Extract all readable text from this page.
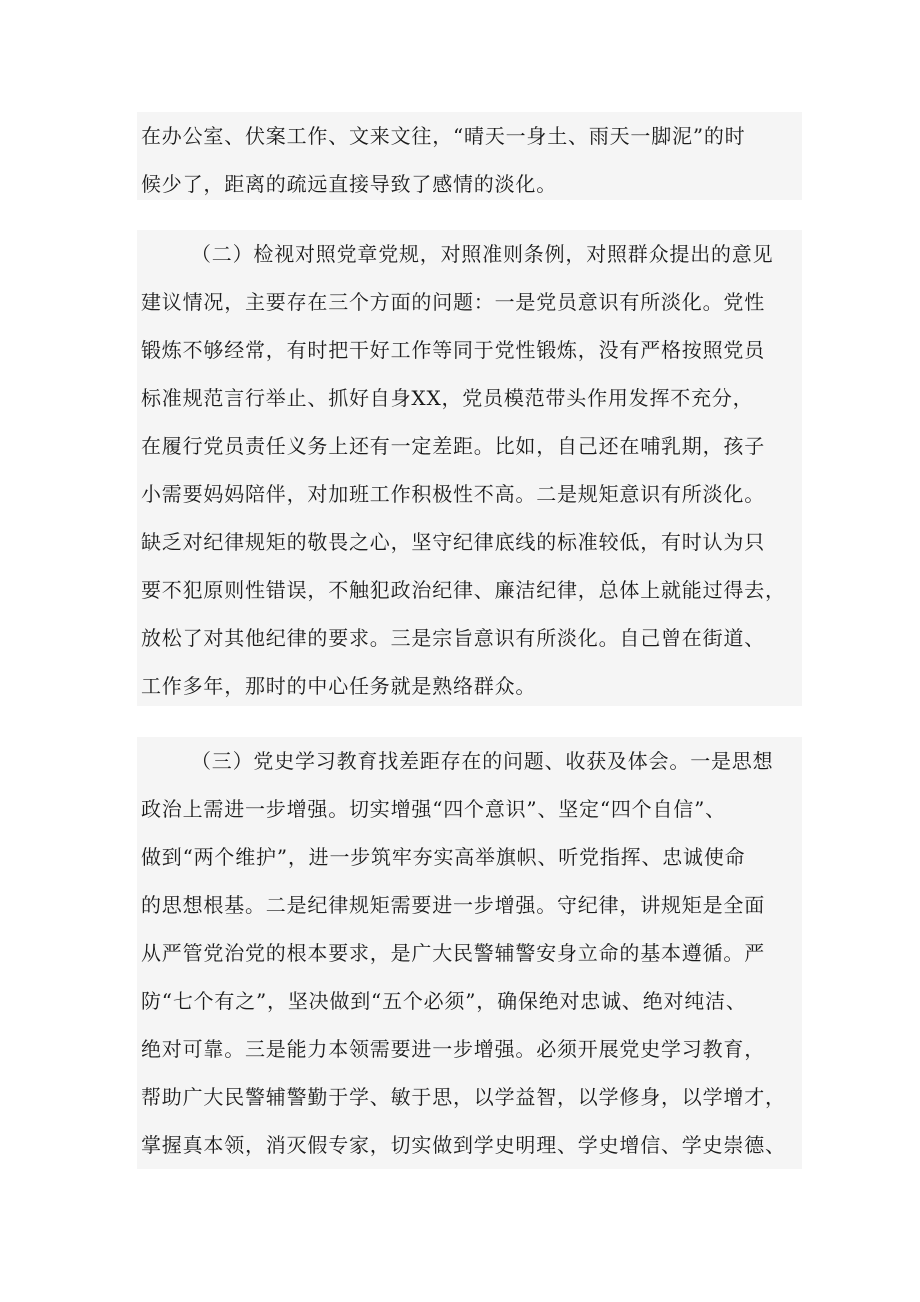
在办公室、伏案工作、文来文往，“晴天一身土、雨天一脚泥”的时
候少了，距离的疏远直接导致了感情的淡化。
（二）检视对照党章党规，对照准则条例，对照群众提出的意见
建议情况，主要存在三个方面的问题：一是党员意识有所淡化。党性
锻炼不够经常，有时把干好工作等同于党性锻炼，没有严格按照党员
标准规范言行举止、抓好自身XX，党员模范带头作用发挥不充分，
在履行党员责任义务上还有一定差距。比如，自己还在哺乳期，孩子
小需要妈妈陪伴，对加班工作积极性不高。二是规矩意识有所淡化。
缺乏对纪律规矩的敬畏之心，坚守纪律底线的标准较低，有时认为只
要不犯原则性错误，不触犯政治纪律、廉洁纪律，总体上就能过得去，
放松了对其他纪律的要求。三是宗旨意识有所淡化。自己曾在街道、
工作多年，那时的中心任务就是熟络群众。
（三）党史学习教育找差距存在的问题、收获及体会。一是思想
政治上需进一步增强。切实增强“四个意识”、坚定“四个自信”、
做到“两个维护”，进一步筑牢夯实高举旗帜、听党指挥、忠诚使命
的思想根基。二是纪律规矩需要进一步增强。守纪律，讲规矩是全面
从严管党治党的根本要求，是广大民警辅警安身立命的基本遵循。严
防“七个有之”，坚决做到“五个必须”，确保绝对忠诚、绝对纯洁、
绝对可靠。三是能力本领需要进一步增强。必须开展党史学习教育，
帮助广大民警辅警勤于学、敏于思，以学益智，以学修身，以学增才，
掌握真本领，消灭假专家，切实做到学史明理、学史增信、学史崇德、
